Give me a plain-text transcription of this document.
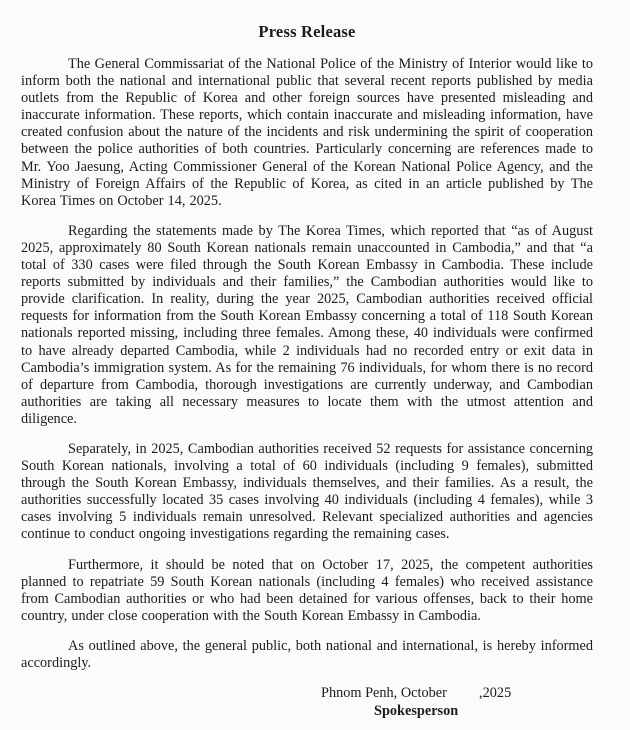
Press Release

The General Commissariat of the National Police of the Ministry of Interior would like to inform both the national and international public that several recent reports published by media outlets from the Republic of Korea and other foreign sources have presented misleading and inaccurate information. These reports, which contain inaccurate and misleading information, have created confusion about the nature of the incidents and risk undermining the spirit of cooperation between the police authorities of both countries. Particularly concerning are references made to Mr. Yoo Jaesung, Acting Commissioner General of the Korean National Police Agency, and the Ministry of Foreign Affairs of the Republic of Korea, as cited in an article published by The Korea Times on October 14, 2025.

Regarding the statements made by The Korea Times, which reported that “as of August 2025, approximately 80 South Korean nationals remain unaccounted in Cambodia,” and that “a total of 330 cases were filed through the South Korean Embassy in Cambodia. These include reports submitted by individuals and their families,” the Cambodian authorities would like to provide clarification. In reality, during the year 2025, Cambodian authorities received official requests for information from the South Korean Embassy concerning a total of 118 South Korean nationals reported missing, including three females. Among these, 40 individuals were confirmed to have already departed Cambodia, while 2 individuals had no recorded entry or exit data in Cambodia’s immigration system. As for the remaining 76 individuals, for whom there is no record of departure from Cambodia, thorough investigations are currently underway, and Cambodian authorities are taking all necessary measures to locate them with the utmost attention and diligence.

Separately, in 2025, Cambodian authorities received 52 requests for assistance concerning South Korean nationals, involving a total of 60 individuals (including 9 females), submitted through the South Korean Embassy, individuals themselves, and their families. As a result, the authorities successfully located 35 cases involving 40 individuals (including 4 females), while 3 cases involving 5 individuals remain unresolved. Relevant specialized authorities and agencies continue to conduct ongoing investigations regarding the remaining cases.

Furthermore, it should be noted that on October 17, 2025, the competent authorities planned to repatriate 59 South Korean nationals (including 4 females) who received assistance from Cambodian authorities or who had been detained for various offenses, back to their home country, under close cooperation with the South Korean Embassy in Cambodia.

As outlined above, the general public, both national and international, is hereby informed accordingly.

Phnom Penh, October         ,2025
Spokesperson
